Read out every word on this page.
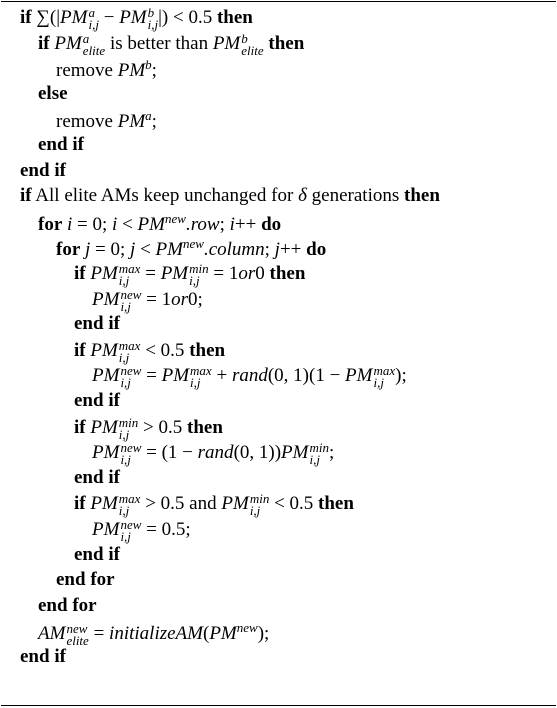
if ∑(|PM a
i,j − PM b
i,j |) < 0.5 then
if PM a
elite is better than PM b
elite then
remove $PM^b$;
else
remove $PM^a$;
end if
end if
if All elite AMs keep unchanged for δ generations then
for i = 0; $i < PM^{new}.row$; i++ do
for j = 0; $j < PM^{new}.column$; j++ do
if PM max
i,j = PM min
i,j = 1or0 then
PM new
i,j = 1or0;
end if
if PM max
i,j < 0.5 then
PM new
i,j = PM max
i,j + rand(0, 1)(1 − PM max
i,j );
end if
if PM min
i,j > 0.5 then
PM new
i,j = (1 − rand(0, 1))PM min
i,j ;
end if
if PM max
i,j > 0.5 and PM min
i,j < 0.5 then
PM new
i,j = 0.5;
end if
end for
end for
AM new
elite = $initializeAM(PM^{new})$;
end if
